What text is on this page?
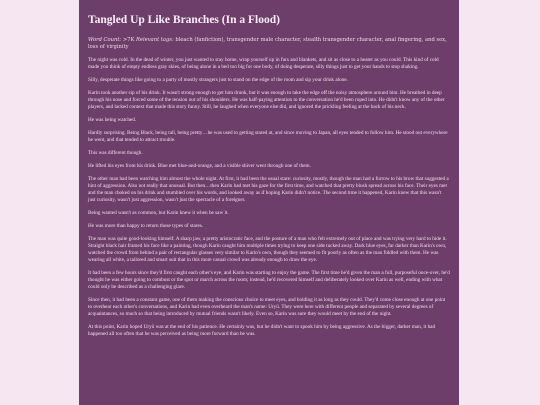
Tangled Up Like Branches (In a Flood)
Word Count: >7K Relevant tags: bleach (fanfiction), transgender male character, stealth transgender character, anal fingering, and sex, loss of virginity

The night was cold. In the dead of winter, you just wanted to stay home, wrap yourself up in furs and blankets, and sit as close to a heater as you could. This kind of cold made you think of empty endless gray skies, of being alone in a bed too big for one body, of doing desperate, silly things just to get your hands to stop shaking.

Silly, desperate things like going to a party of mostly strangers just to stand on the edge of the room and sip your drink alone.

Karin took another sip of his drink. It wasn't strong enough to get him drunk, but it was enough to take the edge off the noisy atmosphere around him. He breathed in deep through his nose and forced some of the tension out of his shoulders. He was half-paying attention to the conversation he'd been roped into. He didn't know any of the other players, and lacked context that made this story funny. Still, he laughed when everyone else did, and ignored the prickling feeling at the back of his neck.

He was being watched.

Hardly surprising. Being Black, being tall, being pretty…he was used to getting stared at, and since moving to Japan, all eyes tended to follow him. He stood out everywhere he went, and that tended to attract trouble.

This was different though.

He lifted his eyes from his drink. Blue met blue-and-orange, and a visible shiver went through one of them.

The other man had been watching him almost the whole night. At first, it had been the usual stare: curiosity, mostly, though the man had a furrow to his brow that suggested a hint of aggression. Also not really that unusual. But then…then Karin had met his gaze for the first time, and watched that pretty blush spread across his face. Their eyes met and the man choked on his drink and stumbled over his words, and looked away as if hoping Karin didn't notice. The second time it happened, Karin knew that this wasn't just curiosity, wasn't just aggression, wasn't just the spectacle of a foreigner.

Being wanted wasn't as common, but Karin knew it when he saw it.

He was more than happy to return those types of stares.

The man was quite good-looking himself. A sharp jaw, a pretty aristocratic face, and the posture of a man who felt extremely out of place and was trying very hard to hide it. Straight black hair framed his face like a painting, though Karin caught him multiple times trying to keep one side tucked away. Dark blue eyes, far darker than Karin's own, watched the crowd from behind a pair of rectangular glasses very similar to Karin's own, though they seemed to fit poorly as often as the man fiddled with them. He was wearing all white, a tailored and smart suit that in this more casual crowd was already enough to draw the eye.

It had been a few hours since they'd first caught each other's eye, and Karin was starting to enjoy the game. The first time he'd given the man a full, purposeful once-over, he'd thought he was either going to combust or the spot or march across the room; instead, he'd recovered himself and deliberately looked over Karin as well, ending with what could only be described as a challenging glare.

Since then, it had been a constant game, one of them making the conscious choice to meet eyes, and holding it as long as they could. They'd come close enough at one point to overhear each other's conversations, and Karin had even overheard the man's name: Uryū. They were here with different people and separated by several degrees of acquaintances, so much so that being introduced by mutual friends wasn't likely. Even so, Karin was sure they would meet by the end of the night.

At this point, Karin hoped Uryū was at the end of his patience. He certainly was, but he didn't want to spook him by being aggressive. As the bigger, darker man, it had happened all too often that he was perceived as being more forward than he was.
